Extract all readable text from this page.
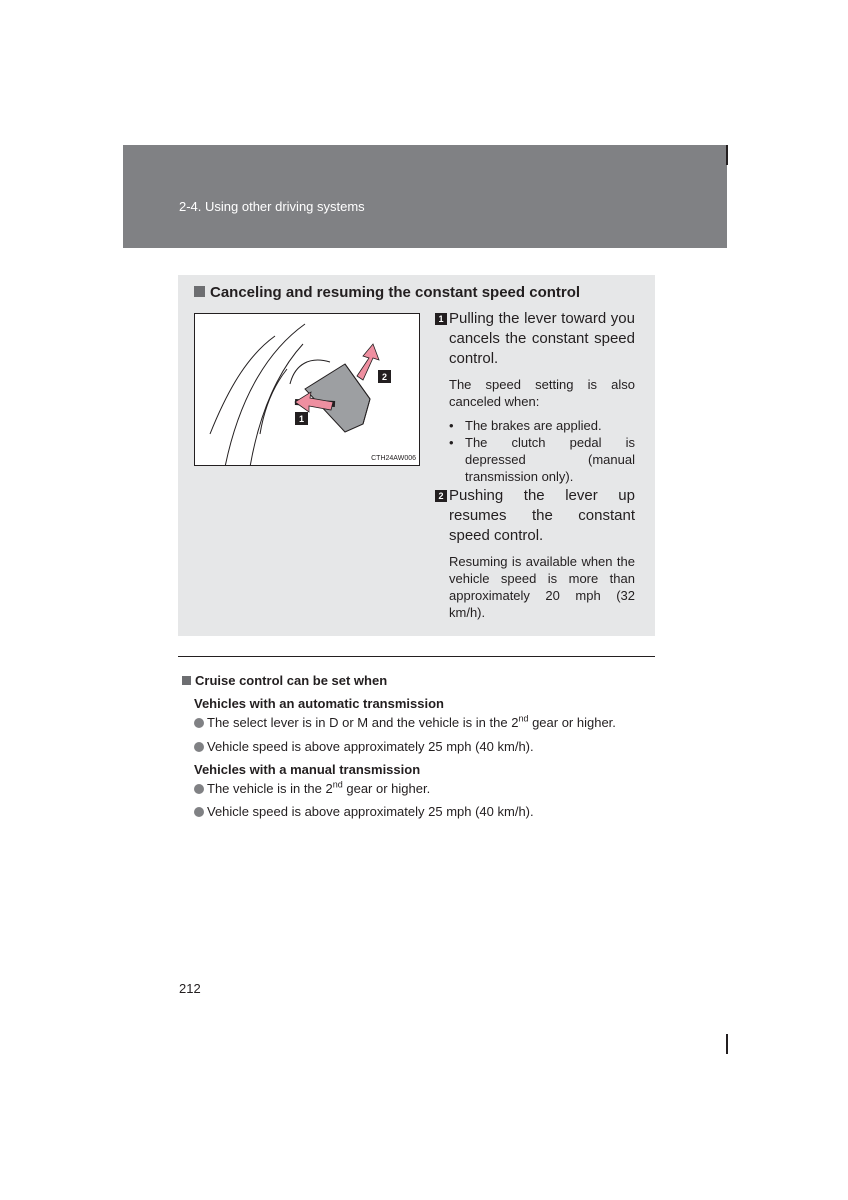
2-4. Using other driving systems
Canceling and resuming the constant speed control
2
1
CTH24AW006
1 Pulling the lever toward you cancels the constant speed control.
The speed setting is also canceled when:
• The brakes are applied.
• The clutch pedal is depressed (manual transmission only).
2 Pushing the lever up resumes the constant speed control.
Resuming is available when the vehicle speed is more than approximately 20 mph (32 km/h).
Cruise control can be set when
Vehicles with an automatic transmission
The select lever is in D or M and the vehicle is in the 2nd gear or higher.
Vehicle speed is above approximately 25 mph (40 km/h).
Vehicles with a manual transmission
The vehicle is in the 2nd gear or higher.
Vehicle speed is above approximately 25 mph (40 km/h).
212
